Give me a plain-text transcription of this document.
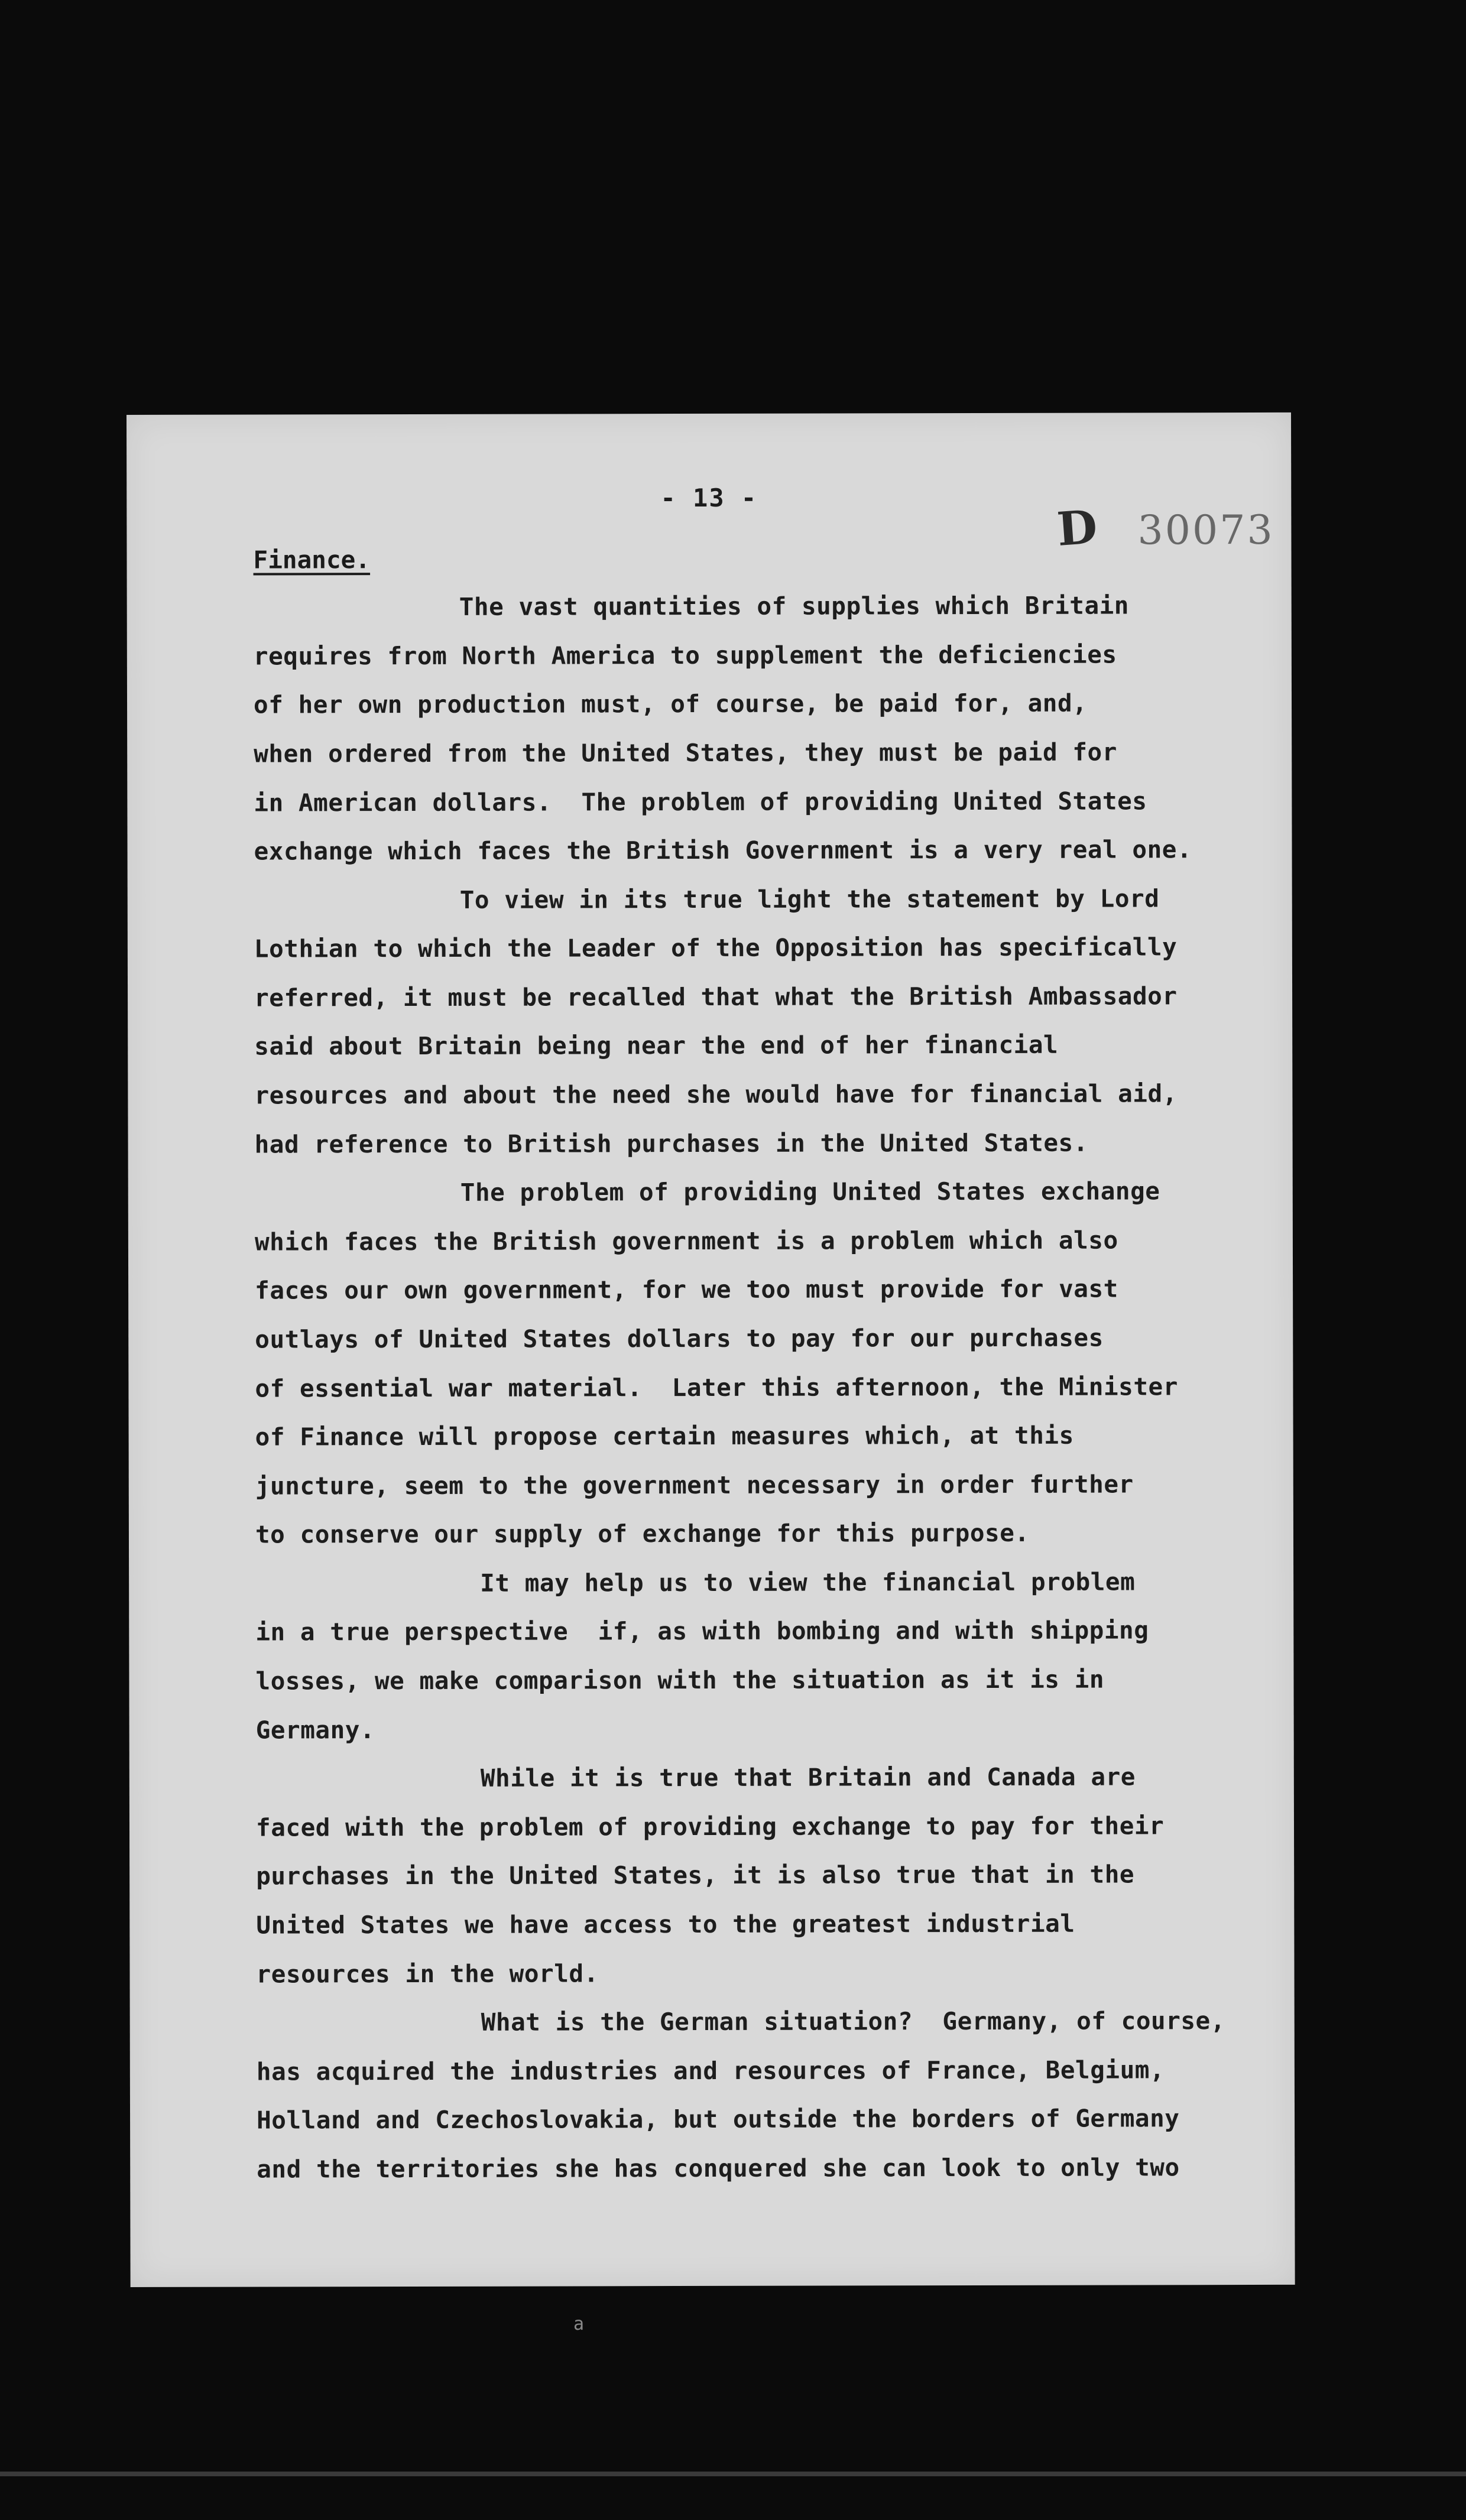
- 13 -
D 30073
Finance.
The vast quantities of supplies which Britain
requires from North America to supplement the deficiencies
of her own production must, of course, be paid for, and,
when ordered from the United States, they must be paid for
in American dollars.  The problem of providing United States
exchange which faces the British Government is a very real one.
To view in its true light the statement by Lord
Lothian to which the Leader of the Opposition has specifically
referred, it must be recalled that what the British Ambassador
said about Britain being near the end of her financial
resources and about the need she would have for financial aid,
had reference to British purchases in the United States.
The problem of providing United States exchange
which faces the British government is a problem which also
faces our own government, for we too must provide for vast
outlays of United States dollars to pay for our purchases
of essential war material.  Later this afternoon, the Minister
of Finance will propose certain measures which, at this
juncture, seem to the government necessary in order further
to conserve our supply of exchange for this purpose.
It may help us to view the financial problem
in a true perspective  if, as with bombing and with shipping
losses, we make comparison with the situation as it is in
Germany.
While it is true that Britain and Canada are
faced with the problem of providing exchange to pay for their
purchases in the United States, it is also true that in the
United States we have access to the greatest industrial
resources in the world.
What is the German situation?  Germany, of course,
has acquired the industries and resources of France, Belgium,
Holland and Czechoslovakia, but outside the borders of Germany
and the territories she has conquered she can look to only two
a
